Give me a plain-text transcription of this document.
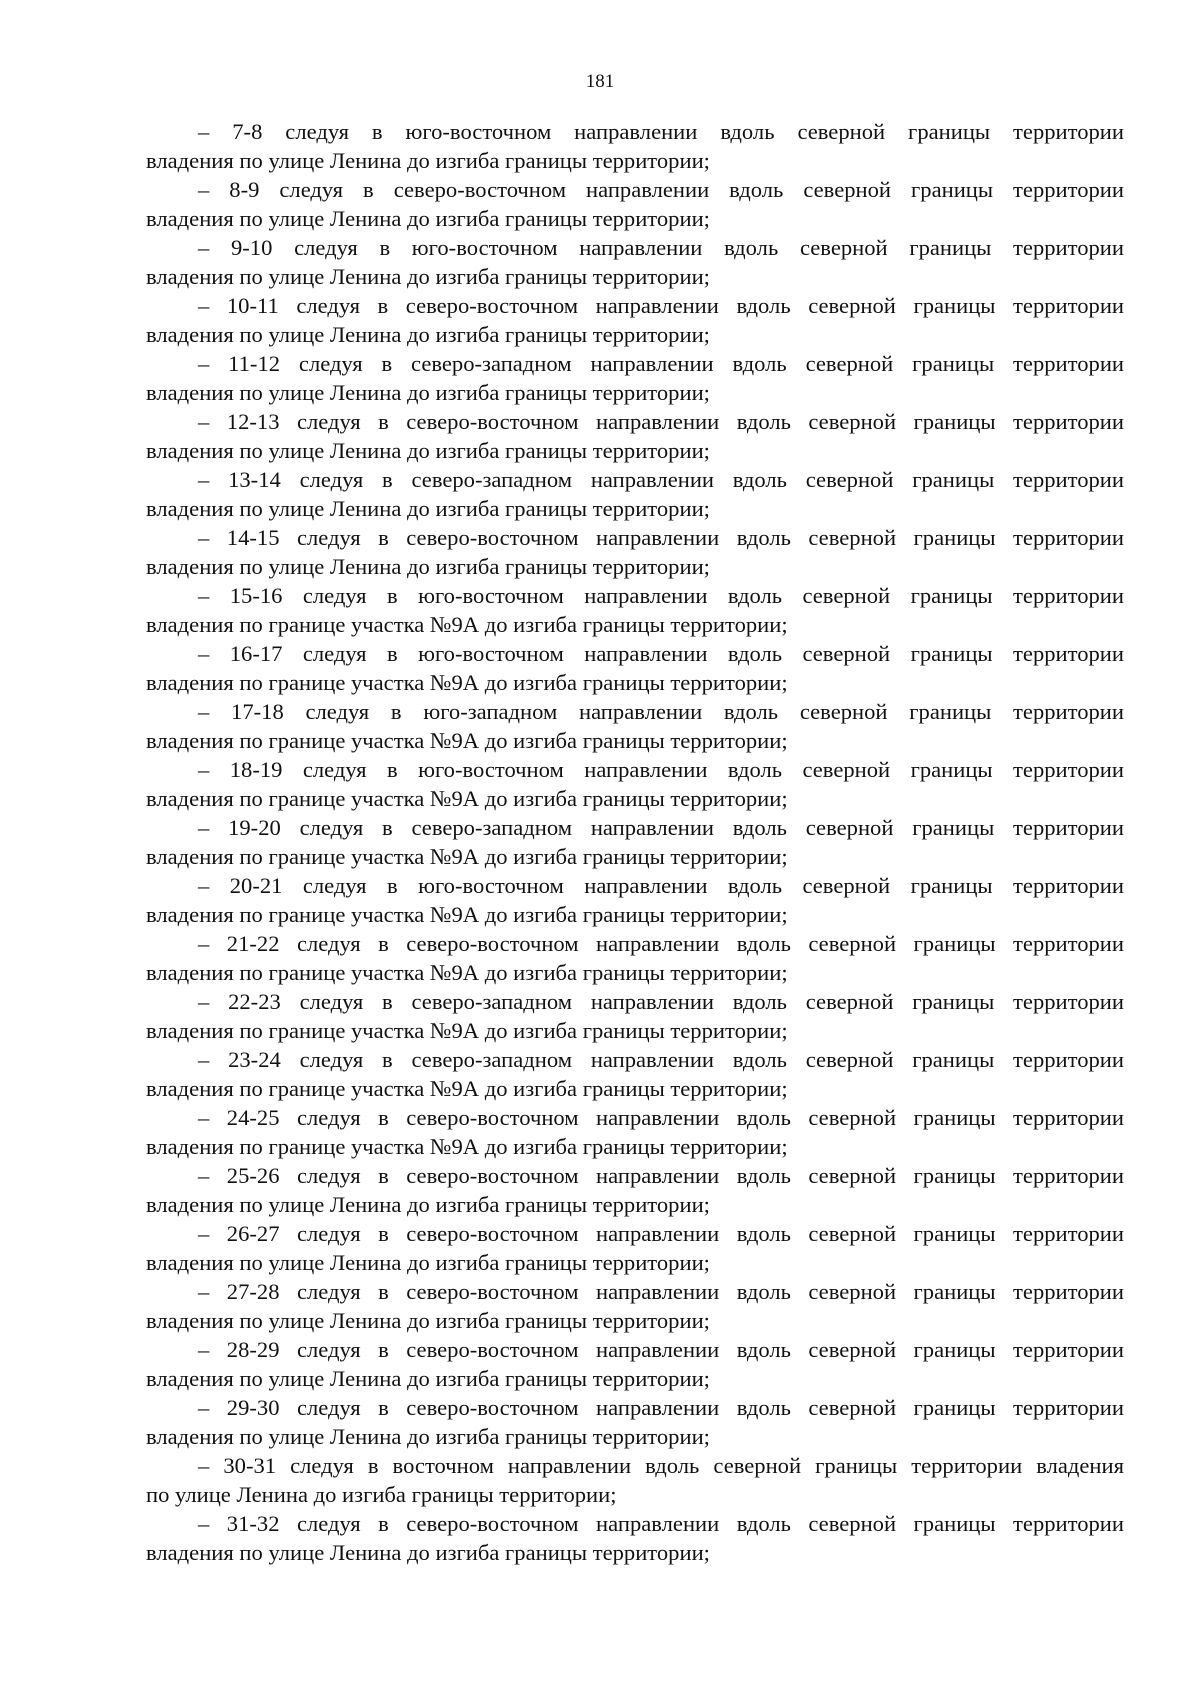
181
– 7-8 следуя в юго-восточном направлении вдоль северной границы территории
владения по улице Ленина до изгиба границы территории;
– 8-9 следуя в северо-восточном направлении вдоль северной границы территории
владения по улице Ленина до изгиба границы территории;
– 9-10 следуя в юго-восточном направлении вдоль северной границы территории
владения по улице Ленина до изгиба границы территории;
– 10-11 следуя в северо-восточном направлении вдоль северной границы территории
владения по улице Ленина до изгиба границы территории;
– 11-12 следуя в северо-западном направлении вдоль северной границы территории
владения по улице Ленина до изгиба границы территории;
– 12-13 следуя в северо-восточном направлении вдоль северной границы территории
владения по улице Ленина до изгиба границы территории;
– 13-14 следуя в северо-западном направлении вдоль северной границы территории
владения по улице Ленина до изгиба границы территории;
– 14-15 следуя в северо-восточном направлении вдоль северной границы территории
владения по улице Ленина до изгиба границы территории;
– 15-16 следуя в юго-восточном направлении вдоль северной границы территории
владения по границе участка №9А до изгиба границы территории;
– 16-17 следуя в юго-восточном направлении вдоль северной границы территории
владения по границе участка №9А до изгиба границы территории;
– 17-18 следуя в юго-западном направлении вдоль северной границы территории
владения по границе участка №9А до изгиба границы территории;
– 18-19 следуя в юго-восточном направлении вдоль северной границы территории
владения по границе участка №9А до изгиба границы территории;
– 19-20 следуя в северо-западном направлении вдоль северной границы территории
владения по границе участка №9А до изгиба границы территории;
– 20-21 следуя в юго-восточном направлении вдоль северной границы территории
владения по границе участка №9А до изгиба границы территории;
– 21-22 следуя в северо-восточном направлении вдоль северной границы территории
владения по границе участка №9А до изгиба границы территории;
– 22-23 следуя в северо-западном направлении вдоль северной границы территории
владения по границе участка №9А до изгиба границы территории;
– 23-24 следуя в северо-западном направлении вдоль северной границы территории
владения по границе участка №9А до изгиба границы территории;
– 24-25 следуя в северо-восточном направлении вдоль северной границы территории
владения по границе участка №9А до изгиба границы территории;
– 25-26 следуя в северо-восточном направлении вдоль северной границы территории
владения по улице Ленина до изгиба границы территории;
– 26-27 следуя в северо-восточном направлении вдоль северной границы территории
владения по улице Ленина до изгиба границы территории;
– 27-28 следуя в северо-восточном направлении вдоль северной границы территории
владения по улице Ленина до изгиба границы территории;
– 28-29 следуя в северо-восточном направлении вдоль северной границы территории
владения по улице Ленина до изгиба границы территории;
– 29-30 следуя в северо-восточном направлении вдоль северной границы территории
владения по улице Ленина до изгиба границы территории;
– 30-31 следуя в восточном направлении вдоль северной границы территории владения
по улице Ленина до изгиба границы территории;
– 31-32 следуя в северо-восточном направлении вдоль северной границы территории
владения по улице Ленина до изгиба границы территории;
